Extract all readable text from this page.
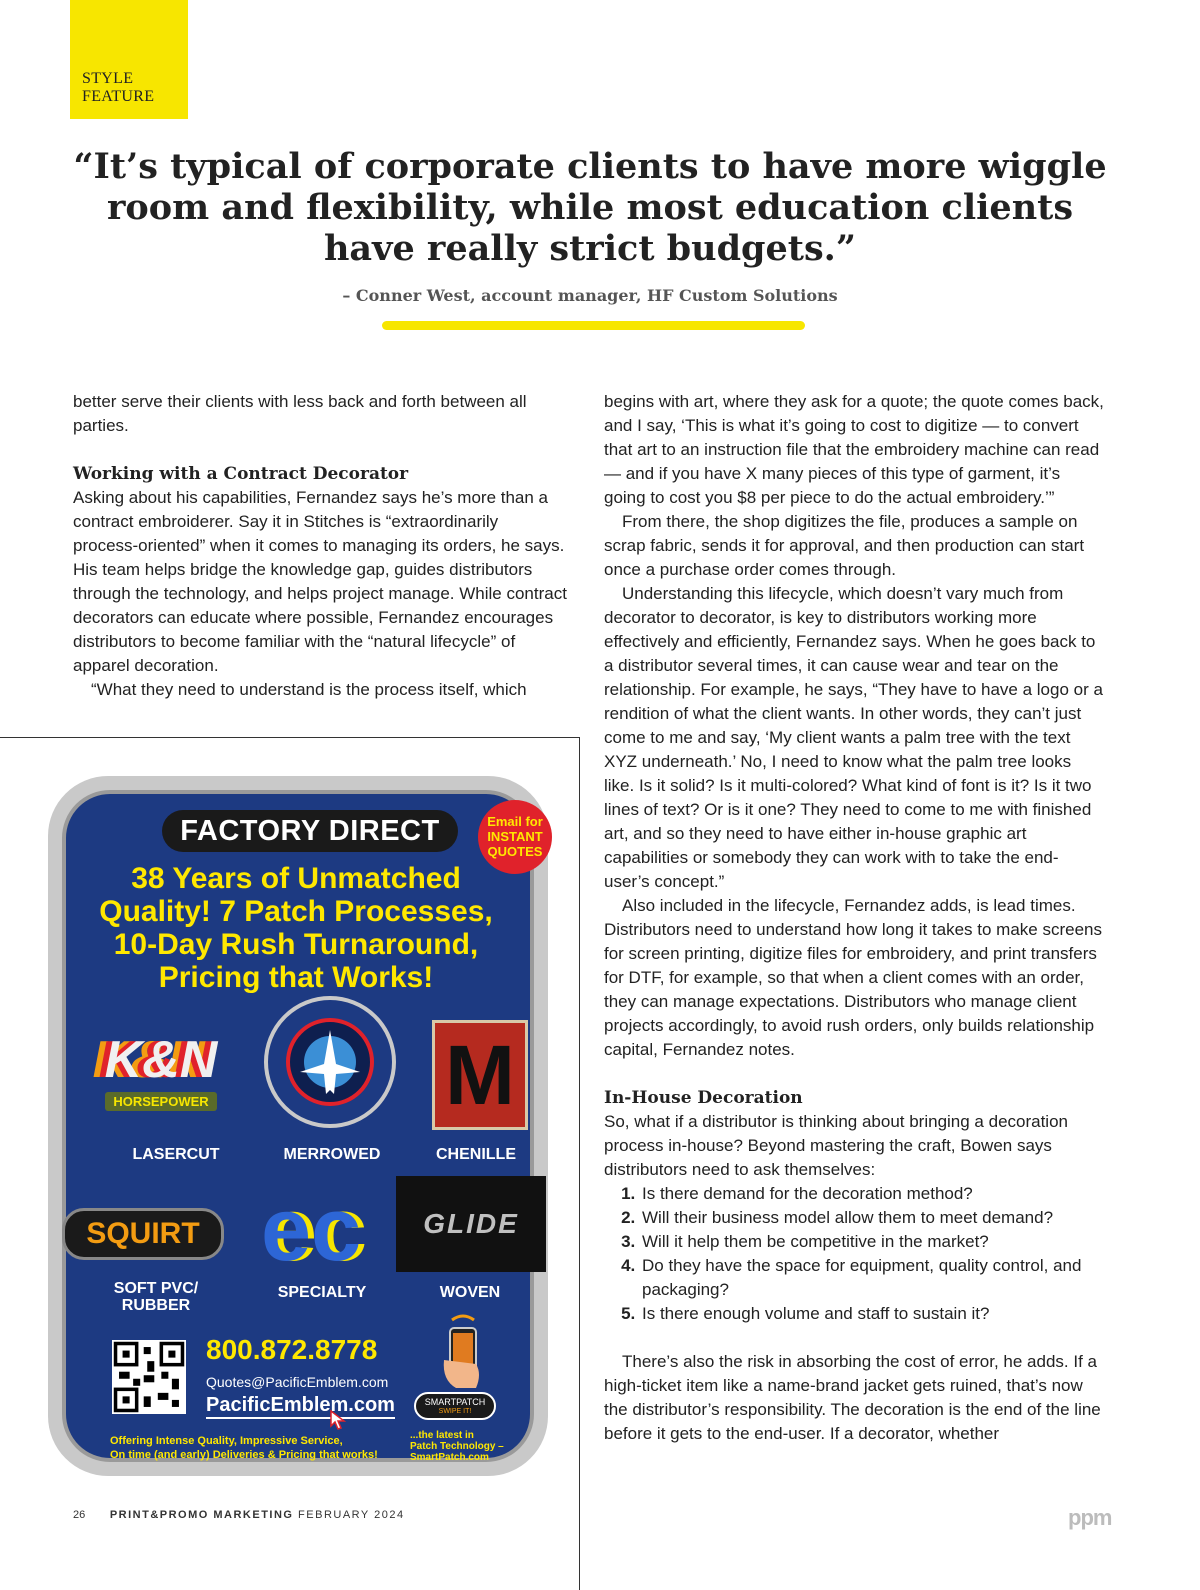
STYLE
FEATURE
“It’s typical of corporate clients to have more wiggle room and flexibility, while most education clients have really strict budgets.”
– Conner West, account manager, HF Custom Solutions

better serve their clients with less back and forth between all parties.

Working with a Contract Decorator

Asking about his capabilities, Fernandez says he’s more than a contract embroiderer. Say it in Stitches is “extraordinarily process-oriented” when it comes to managing its orders, he says. His team helps bridge the knowledge gap, guides distributors through the technology, and helps project manage. While contract decorators can educate where possible, Fernandez encourages distributors to become familiar with the “natural lifecycle” of apparel decoration.

“What they need to understand is the process itself, which

begins with art, where they ask for a quote; the quote comes back, and I say, ‘This is what it’s going to cost to digitize — to convert that art to an instruction file that the embroidery machine can read — and if you have X many pieces of this type of garment, it’s going to cost you $8 per piece to do the actual embroidery.’”

From there, the shop digitizes the file, produces a sample on scrap fabric, sends it for approval, and then production can start once a purchase order comes through.

Understanding this lifecycle, which doesn’t vary much from decorator to decorator, is key to distributors working more effectively and efficiently, Fernandez says. When he goes back to a distributor several times, it can cause wear and tear on the relationship. For example, he says, “They have to have a logo or a rendition of what the client wants. In other words, they can’t just come to me and say, ‘My client wants a palm tree with the text XYZ underneath.’ No, I need to know what the palm tree looks like. Is it solid? Is it multi-colored? What kind of font is it? Is it two lines of text? Or is it one? They need to come to me with finished art, and so they need to have either in-house graphic art capabilities or somebody they can work with to take the end-user’s concept.”

Also included in the lifecycle, Fernandez adds, is lead times. Distributors need to understand how long it takes to make screens for screen printing, digitize files for embroidery, and print transfers for DTF, for example, so that when a client comes with an order, they can manage expectations. Distributors who manage client projects accordingly, to avoid rush orders, only builds relationship capital, Fernandez notes.

In-House Decoration

So, what if a distributor is thinking about bringing a decoration process in-house? Beyond mastering the craft, Bowen says distributors need to ask themselves:

1. Is there demand for the decoration method?
2. Will their business model allow them to meet demand?
3. Will it help them be competitive in the market?
4. Do they have the space for equipment, quality control, and packaging?
5. Is there enough volume and staff to sustain it?

There’s also the risk in absorbing the cost of error, he adds. If a high-ticket item like a name-brand jacket gets ruined, that’s now the distributor’s responsibility. The decoration is the end of the line before it gets to the end-user. If a decorator, whether

FACTORY DIRECT	Email for
INSTANT
QUOTES
38 Years of Unmatched
Quality! 7 Patch Processes,
10-Day Rush Turnaround,
Pricing that Works!
K&N
HORSEPOWER	M
LASERCUT	MERROWED	CHENILLE
SQUIRT ec	GLIDE
SOFT PVC/
RUBBER
SPECIALTY	WOVEN
800.872.8778
Quotes@PacificEmblem.com
PacificEmblem.com	SMARTPATCH
SWIPE IT!
Offering Intense Quality, Impressive Service,
On time (and early) Deliveries & Pricing that works!
...the latest in
Patch Technology –
SmartPatch.com
26 PRINT&PROMO MARKETING FEBRUARY 2024	ppm
